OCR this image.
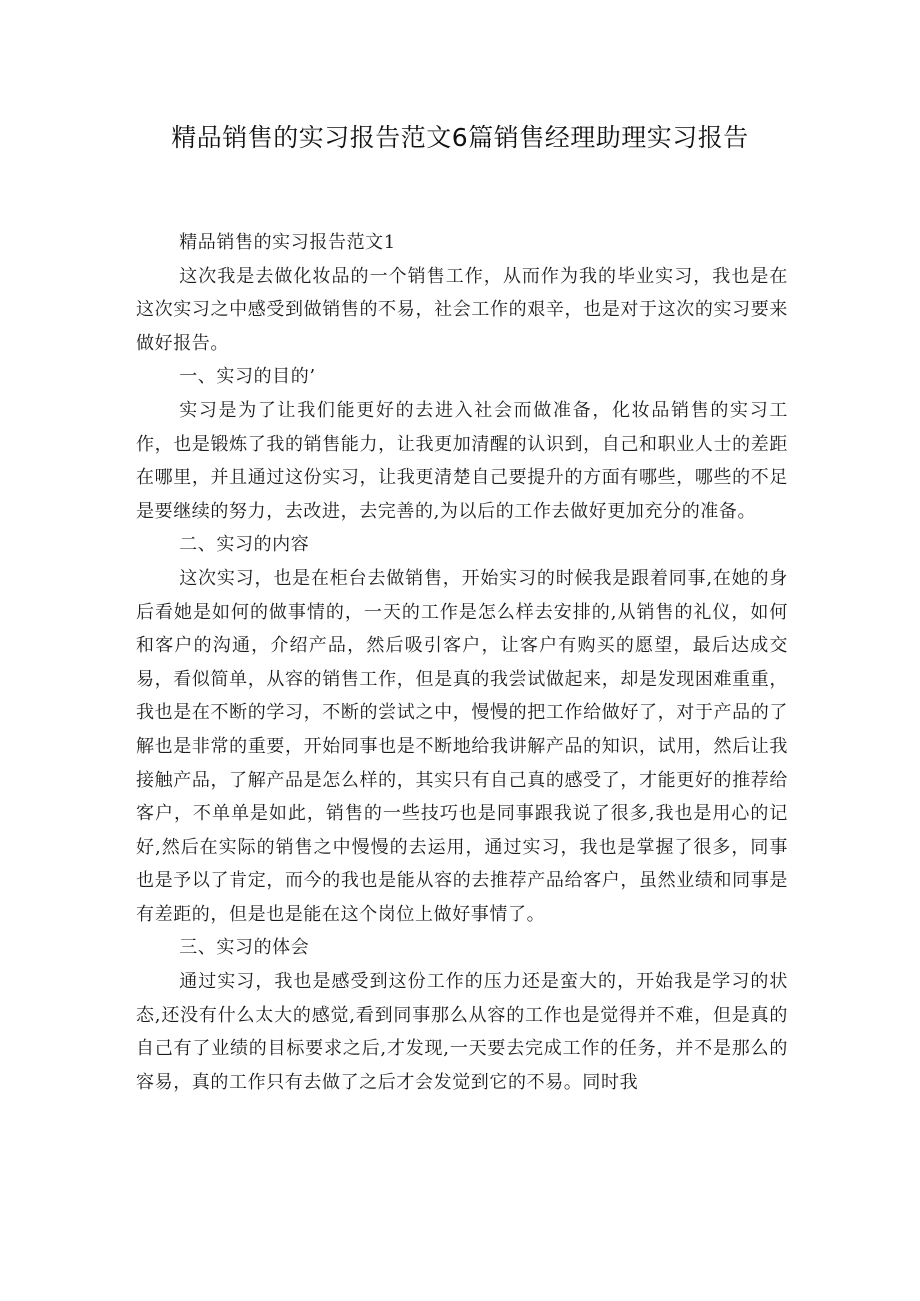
精品销售的实习报告范文6篇销售经理助理实习报告

精品销售的实习报告范文1

这次我是去做化妆品的一个销售工作，从而作为我的毕业实习，我也是在这次实习之中感受到做销售的不易，社会工作的艰辛，也是对于这次的实习要来做好报告。

一、实习的目的’

实习是为了让我们能更好的去进入社会而做准备，化妆品销售的实习工作，也是锻炼了我的销售能力，让我更加清醒的认识到，自己和职业人士的差距在哪里，并且通过这份实习，让我更清楚自己要提升的方面有哪些，哪些的不足是要继续的努力，去改进，去完善的,为以后的工作去做好更加充分的准备。

二、实习的内容

这次实习，也是在柜台去做销售，开始实习的时候我是跟着同事,在她的身后看她是如何的做事情的，一天的工作是怎么样去安排的,从销售的礼仪，如何和客户的沟通，介绍产品，然后吸引客户，让客户有购买的愿望，最后达成交易，看似简单，从容的销售工作，但是真的我尝试做起来，却是发现困难重重，我也是在不断的学习，不断的尝试之中，慢慢的把工作给做好了，对于产品的了解也是非常的重要，开始同事也是不断地给我讲解产品的知识，试用，然后让我接触产品，了解产品是怎么样的，其实只有自己真的感受了，才能更好的推荐给客户，不单单是如此，销售的一些技巧也是同事跟我说了很多,我也是用心的记好,然后在实际的销售之中慢慢的去运用，通过实习，我也是掌握了很多，同事也是予以了肯定，而今的我也是能从容的去推荐产品给客户，虽然业绩和同事是有差距的，但是也是能在这个岗位上做好事情了。

三、实习的体会

通过实习，我也是感受到这份工作的压力还是蛮大的，开始我是学习的状态,还没有什么太大的感觉,看到同事那么从容的工作也是觉得并不难，但是真的自己有了业绩的目标要求之后,才发现,一天要去完成工作的任务，并不是那么的容易，真的工作只有去做了之后才会发觉到它的不易。同时我
